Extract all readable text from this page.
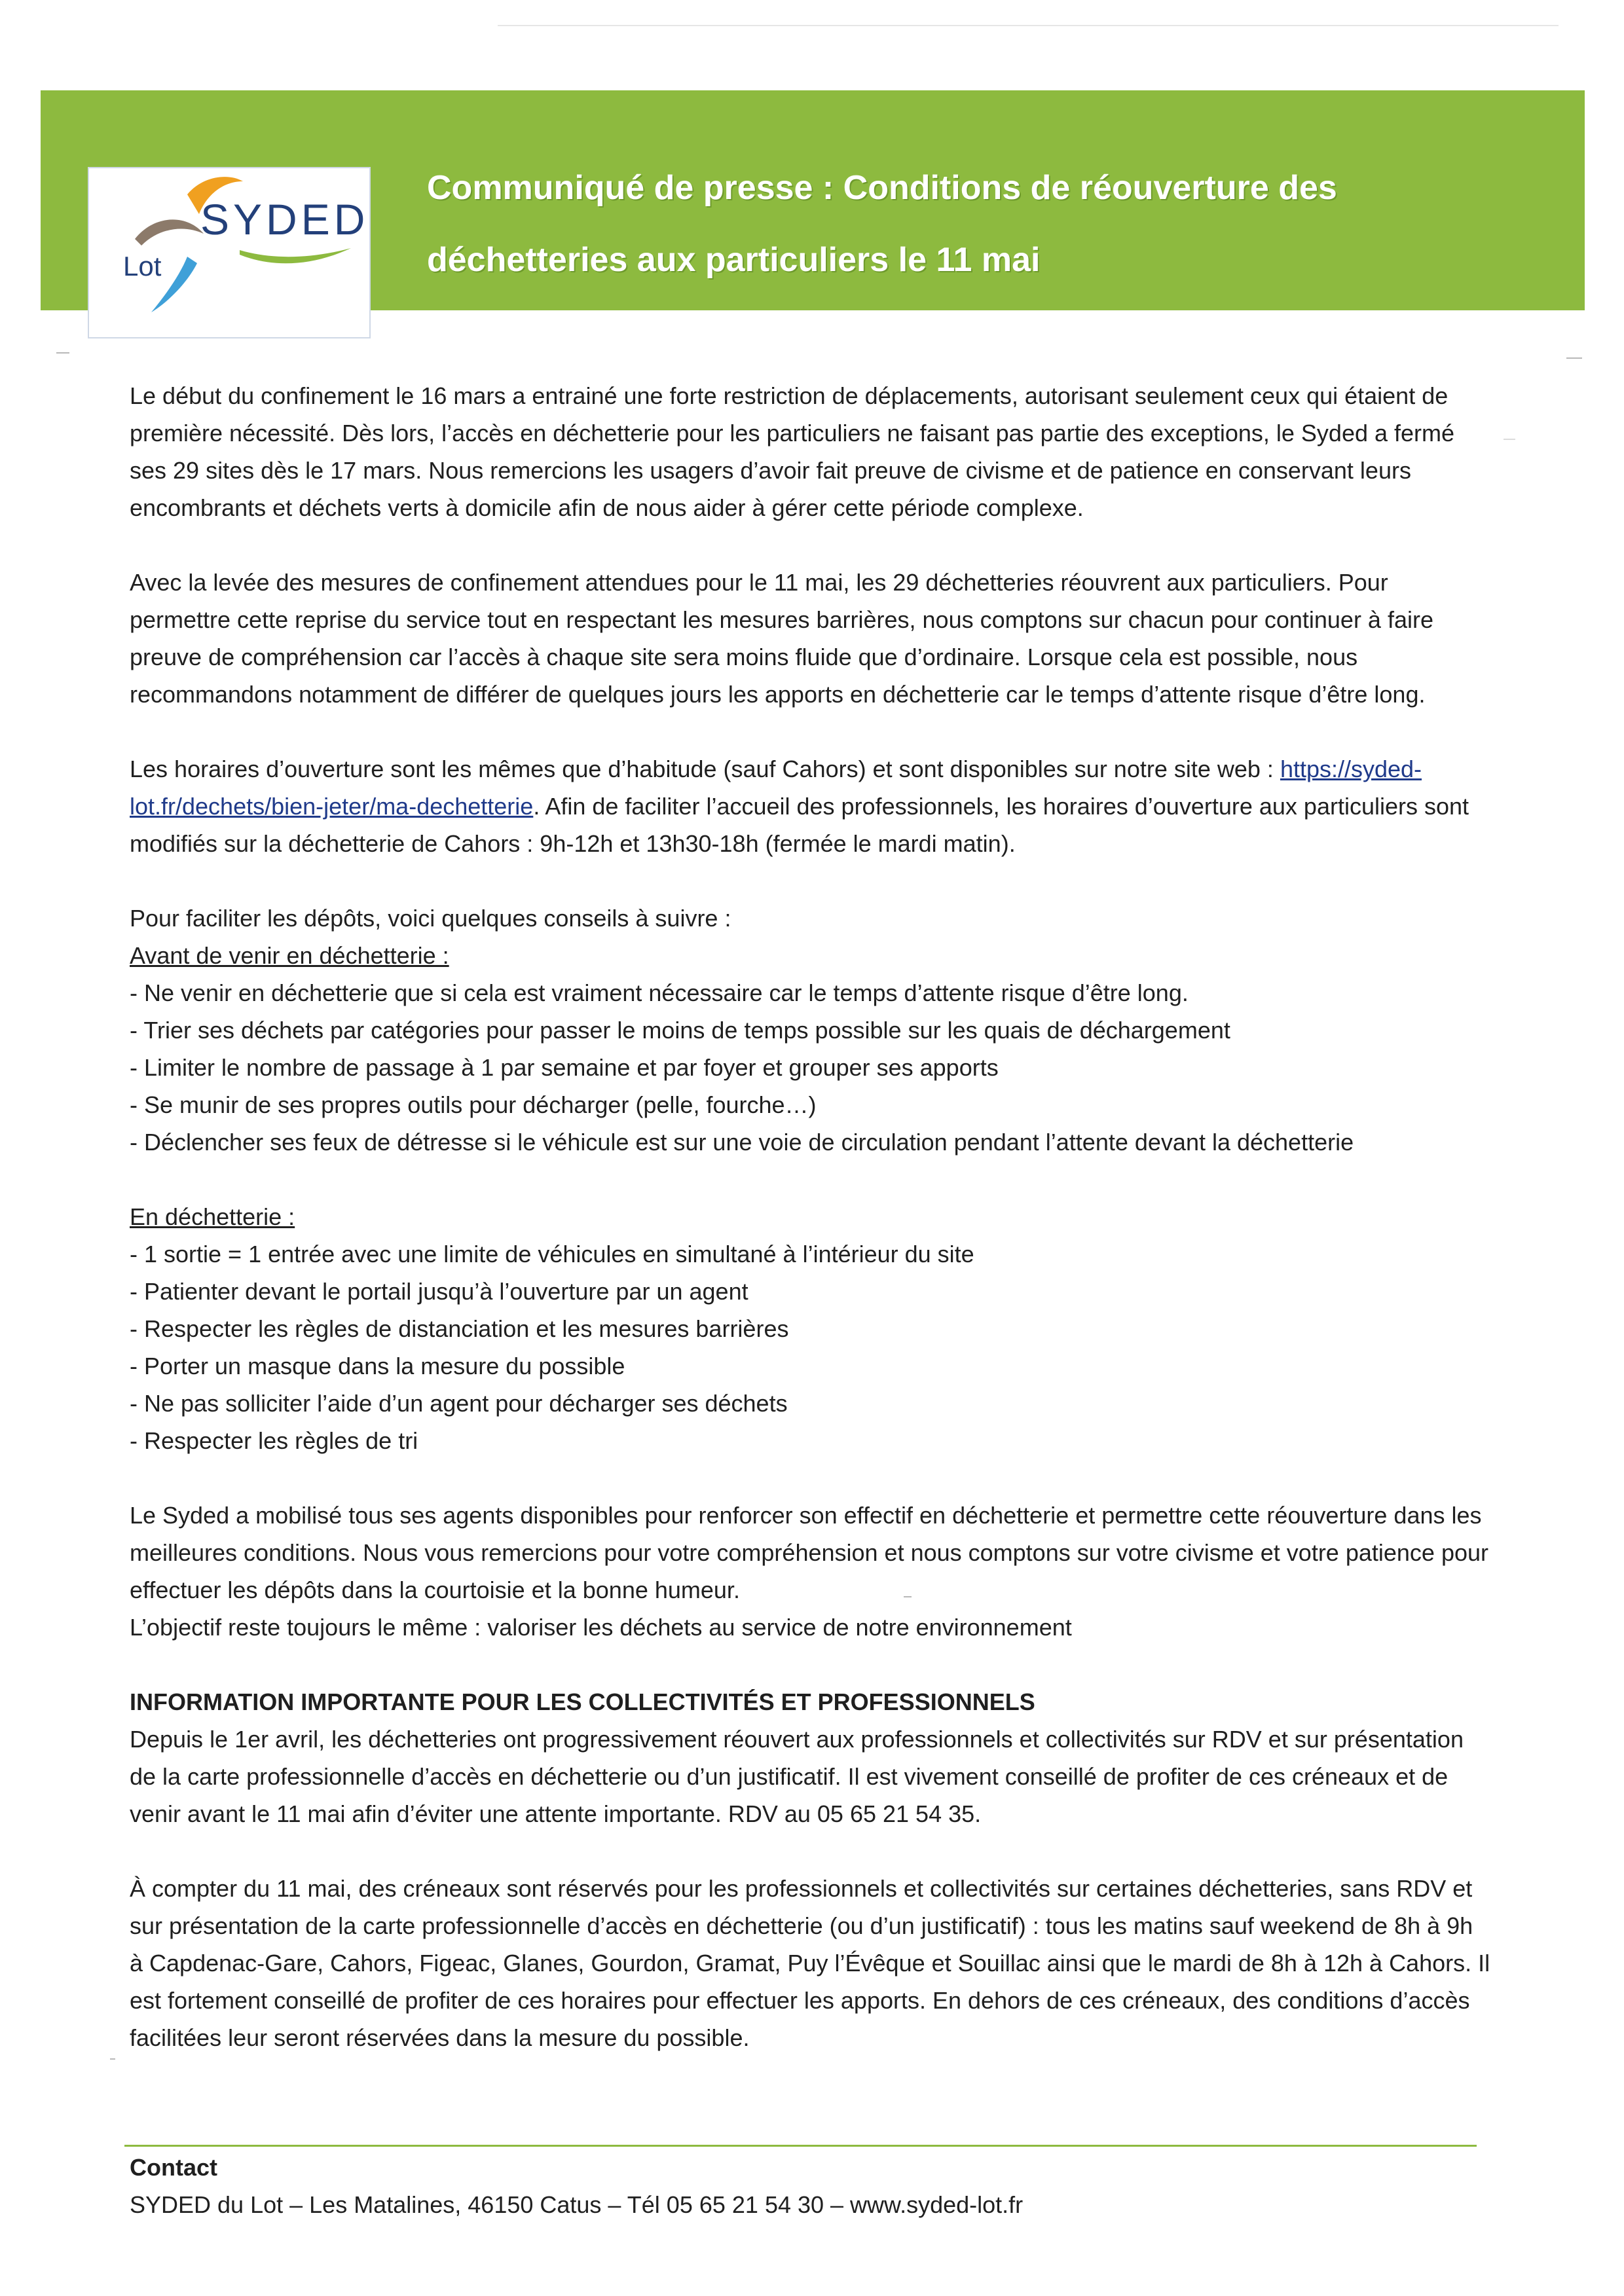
SYDED
Lot
Communiqué de presse : Conditions de réouverture des
déchetteries aux particuliers le 11 mai

Le début du confinement le 16 mars a entrainé une forte restriction de déplacements, autorisant seulement ceux qui étaient de première nécessité. Dès lors, l’accès en déchetterie pour les particuliers ne faisant pas partie des exceptions, le Syded a fermé ses 29 sites dès le 17 mars. Nous remercions les usagers d’avoir fait preuve de civisme et de patience en conservant leurs encombrants et déchets verts à domicile afin de nous aider à gérer cette période complexe.

Avec la levée des mesures de confinement attendues pour le 11 mai, les 29 déchetteries réouvrent aux particuliers. Pour permettre cette reprise du service tout en respectant les mesures barrières, nous comptons sur chacun pour continuer à faire preuve de compréhension car l’accès à chaque site sera moins fluide que d’ordinaire. Lorsque cela est possible, nous recommandons notamment de différer de quelques jours les apports en déchetterie car le temps d’attente risque d’être long.

Les horaires d’ouverture sont les mêmes que d’habitude (sauf Cahors) et sont disponibles sur notre site web : https://syded-lot.fr/dechets/bien-jeter/ma-dechetterie. Afin de faciliter l’accueil des professionnels, les horaires d’ouverture aux particuliers sont modifiés sur la déchetterie de Cahors : 9h-12h et 13h30-18h (fermée le mardi matin).

Pour faciliter les dépôts, voici quelques conseils à suivre :

Avant de venir en déchetterie :
- Ne venir en déchetterie que si cela est vraiment nécessaire car le temps d’attente risque d’être long.
- Trier ses déchets par catégories pour passer le moins de temps possible sur les quais de déchargement
- Limiter le nombre de passage à 1 par semaine et par foyer et grouper ses apports
- Se munir de ses propres outils pour décharger (pelle, fourche…)
- Déclencher ses feux de détresse si le véhicule est sur une voie de circulation pendant l’attente devant la déchetterie
En déchetterie :
- 1 sortie = 1 entrée avec une limite de véhicules en simultané à l’intérieur du site
- Patienter devant le portail jusqu’à l’ouverture par un agent
- Respecter les règles de distanciation et les mesures barrières
- Porter un masque dans la mesure du possible
- Ne pas solliciter l’aide d’un agent pour décharger ses déchets
- Respecter les règles de tri

Le Syded a mobilisé tous ses agents disponibles pour renforcer son effectif en déchetterie et permettre cette réouverture dans les meilleures conditions. Nous vous remercions pour votre compréhension et nous comptons sur votre civisme et votre patience pour effectuer les dépôts dans la courtoisie et la bonne humeur.

L’objectif reste toujours le même : valoriser les déchets au service de notre environnement

INFORMATION IMPORTANTE POUR LES COLLECTIVITÉS ET PROFESSIONNELS

Depuis le 1er avril, les déchetteries ont progressivement réouvert aux professionnels et collectivités sur RDV et sur présentation de la carte professionnelle d’accès en déchetterie ou d’un justificatif. Il est vivement conseillé de profiter de ces créneaux et de venir avant le 11 mai afin d’éviter une attente importante. RDV au 05 65 21 54 35.

À compter du 11 mai, des créneaux sont réservés pour les professionnels et collectivités sur certaines déchetteries, sans RDV et sur présentation de la carte professionnelle d’accès en déchetterie (ou d’un justificatif) : tous les matins sauf weekend de 8h à 9h à Capdenac-Gare, Cahors, Figeac, Glanes, Gourdon, Gramat, Puy l’Évêque et Souillac ainsi que le mardi de 8h à 12h à Cahors. Il est fortement conseillé de profiter de ces horaires pour effectuer les apports. En dehors de ces créneaux, des conditions d’accès facilitées leur seront réservées dans la mesure du possible.

Contact
SYDED du Lot – Les Matalines, 46150 Catus – Tél 05 65 21 54 30 – www.syded-lot.fr
